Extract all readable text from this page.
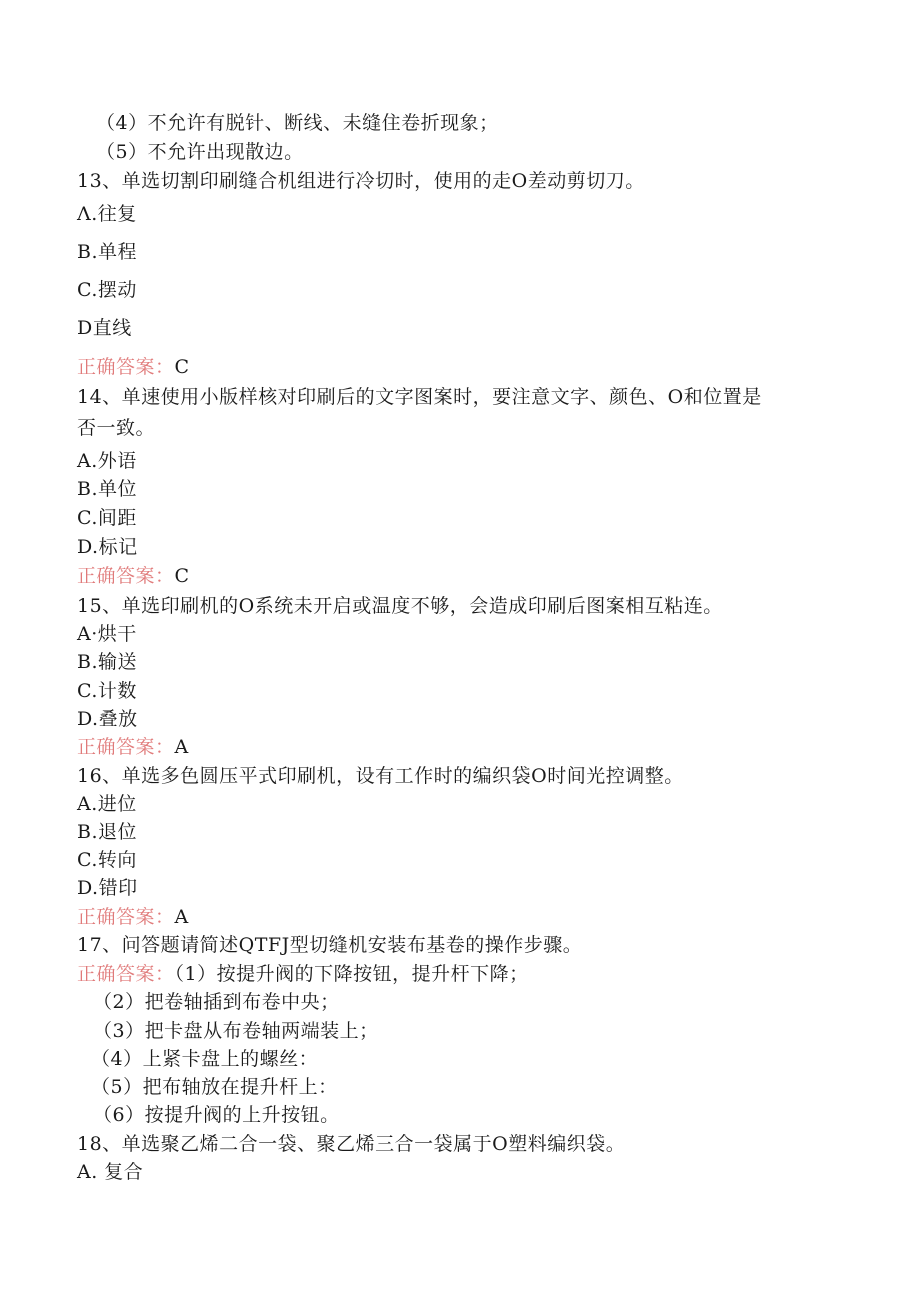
（4）不允许有脱针、断线、未缝住卷折现象；
（5）不允许出现散边。
13、单选切割印刷缝合机组进行冷切时，使用的走O差动剪切刀。
Λ.往复
B.单程
C.摆动
D直线
正确答案：C
14、单速使用小版样核对印刷后的文字图案时，要注意文字、颜色、O和位置是
否一致。
A.外语
B.单位
C.间距
D.标记
正确答案：C
15、单选印刷机的O系统未开启或温度不够，会造成印刷后图案相互粘连。
A·烘干
B.输送
C.计数
D.叠放
正确答案：A
16、单选多色圆压平式印刷机，设有工作时的编织袋O时间光控调整。
A.进位
B.退位
C.转向
D.错印
正确答案：A
17、问答题请简述QTFJ型切缝机安装布基卷的操作步骤。
正确答案：（1）按提升阀的下降按钮，提升杆下降；
（2）把卷轴插到布卷中央；
（3）把卡盘从布卷轴两端装上；
（4）上紧卡盘上的螺丝：
（5）把布轴放在提升杆上：
（6）按提升阀的上升按钮。
18、单选聚乙烯二合一袋、聚乙烯三合一袋属于O塑料编织袋。
A. 复合
